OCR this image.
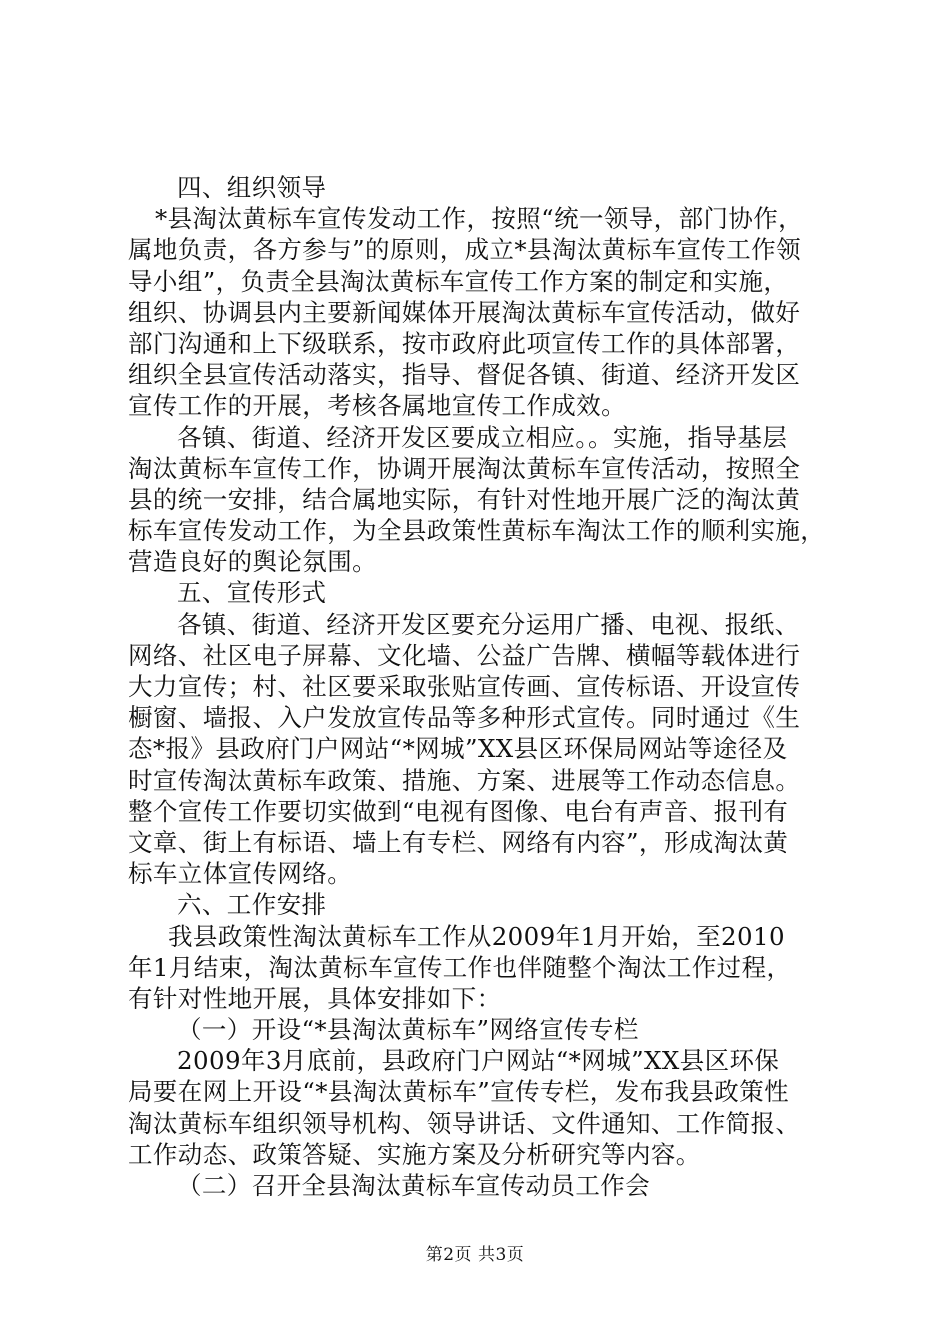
四、组织领导
*县淘汰黄标车宣传发动工作，按照“统一领导，部门协作，
属地负责，各方参与”的原则，成立*县淘汰黄标车宣传工作领
导小组”，负责全县淘汰黄标车宣传工作方案的制定和实施，
组织、协调县内主要新闻媒体开展淘汰黄标车宣传活动，做好
部门沟通和上下级联系，按市政府此项宣传工作的具体部署，
组织全县宣传活动落实，指导、督促各镇、街道、经济开发区
宣传工作的开展，考核各属地宣传工作成效。
各镇、街道、经济开发区要成立相应。。实施，指导基层
淘汰黄标车宣传工作，协调开展淘汰黄标车宣传活动，按照全
县的统一安排，结合属地实际，有针对性地开展广泛的淘汰黄
标车宣传发动工作，为全县政策性黄标车淘汰工作的顺利实施，
营造良好的舆论氛围。
五、宣传形式
各镇、街道、经济开发区要充分运用广播、电视、报纸、
网络、社区电子屏幕、文化墙、公益广告牌、横幅等载体进行
大力宣传；村、社区要采取张贴宣传画、宣传标语、开设宣传
橱窗、墙报、入户发放宣传品等多种形式宣传。同时通过《生
态*报》县政府门户网站“*网城”XX县区环保局网站等途径及
时宣传淘汰黄标车政策、措施、方案、进展等工作动态信息。
整个宣传工作要切实做到“电视有图像、电台有声音、报刊有
文章、街上有标语、墙上有专栏、网络有内容”，形成淘汰黄
标车立体宣传网络。
六、工作安排
我县政策性淘汰黄标车工作从2009年1月开始，至2010
年1月结束，淘汰黄标车宣传工作也伴随整个淘汰工作过程，
有针对性地开展，具体安排如下：
（一）开设“*县淘汰黄标车”网络宣传专栏
2009年3月底前，县政府门户网站“*网城”XX县区环保
局要在网上开设“*县淘汰黄标车”宣传专栏，发布我县政策性
淘汰黄标车组织领导机构、领导讲话、文件通知、工作简报、
工作动态、政策答疑、实施方案及分析研究等内容。
（二）召开全县淘汰黄标车宣传动员工作会
第2页 共3页
